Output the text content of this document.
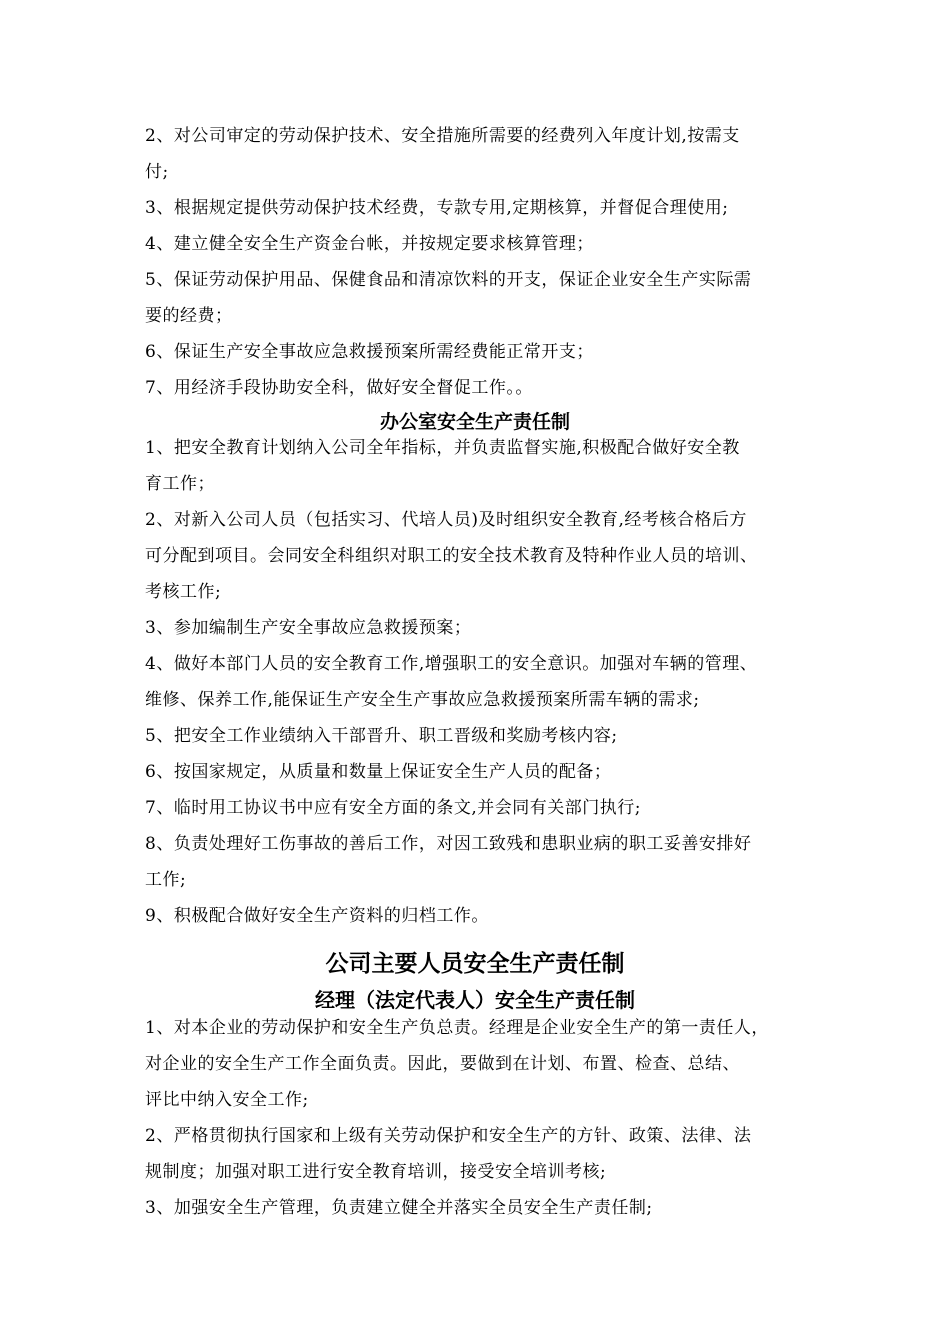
2、对公司审定的劳动保护技术、安全措施所需要的经费列入年度计划,按需支
付;
3、根据规定提供劳动保护技术经费，专款专用,定期核算，并督促合理使用;
4、建立健全安全生产资金台帐，并按规定要求核算管理；
5、保证劳动保护用品、保健食品和清凉饮料的开支，保证企业安全生产实际需
要的经费；
6、保证生产安全事故应急救援预案所需经费能正常开支；
7、用经济手段协助安全科，做好安全督促工作。。
办公室安全生产责任制
1、把安全教育计划纳入公司全年指标，并负责监督实施,积极配合做好安全教
育工作；
2、对新入公司人员（包括实习、代培人员)及时组织安全教育,经考核合格后方
可分配到项目。会同安全科组织对职工的安全技术教育及特种作业人员的培训、
考核工作;
3、参加编制生产安全事故应急救援预案；
4、做好本部门人员的安全教育工作,增强职工的安全意识。加强对车辆的管理、
维修、保养工作,能保证生产安全生产事故应急救援预案所需车辆的需求;
5、把安全工作业绩纳入干部晋升、职工晋级和奖励考核内容;
6、按国家规定，从质量和数量上保证安全生产人员的配备；
7、临时用工协议书中应有安全方面的条文,并会同有关部门执行;
8、负责处理好工伤事故的善后工作，对因工致残和患职业病的职工妥善安排好
工作;
9、积极配合做好安全生产资料的归档工作。
公司主要人员安全生产责任制
经理（法定代表人）安全生产责任制
1、对本企业的劳动保护和安全生产负总责。经理是企业安全生产的第一责任人，
对企业的安全生产工作全面负责。因此，要做到在计划、布置、检查、总结、
评比中纳入安全工作;
2、严格贯彻执行国家和上级有关劳动保护和安全生产的方针、政策、法律、法
规制度；加强对职工进行安全教育培训，接受安全培训考核;
3、加强安全生产管理，负责建立健全并落实全员安全生产责任制;
